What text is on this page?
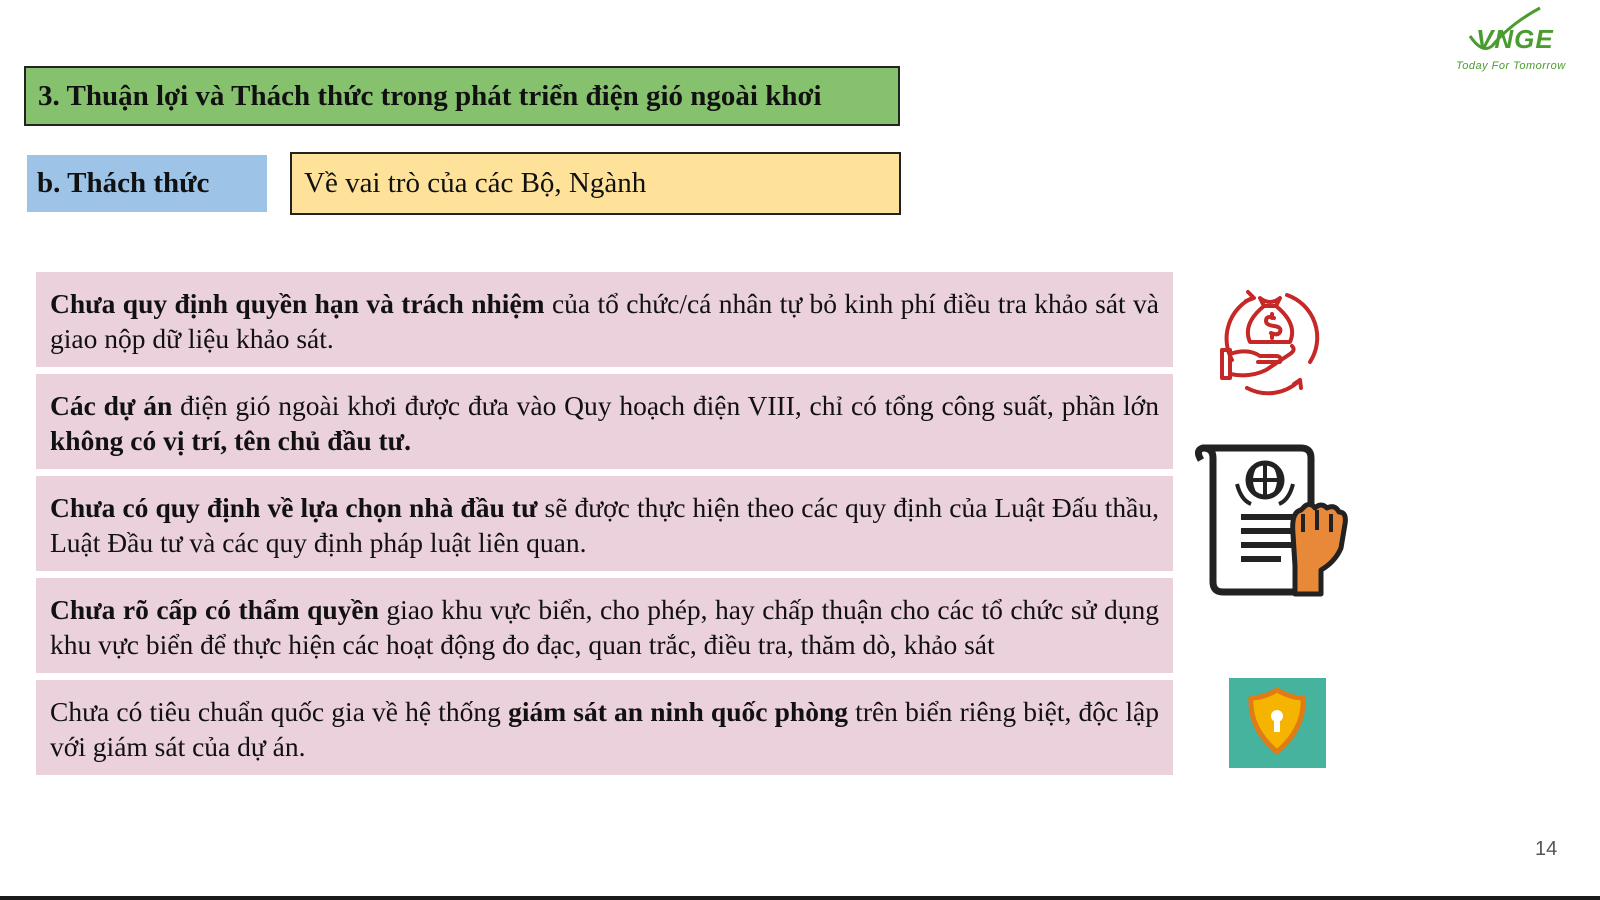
VNGE
Today For Tomorrow
3. Thuận lợi và Thách thức trong phát triển điện gió ngoài khơi
b. Thách thức	Về vai trò của các Bộ, Ngành
Chưa quy định quyền hạn và trách nhiệm của tổ chức/cá nhân tự bỏ kinh phí điều tra khảo sát và giao nộp dữ liệu khảo sát.
Các dự án điện gió ngoài khơi được đưa vào Quy hoạch điện VIII, chỉ có tổng công suất, phần lớn không có vị trí, tên chủ đầu tư.
Chưa có quy định về lựa chọn nhà đầu tư sẽ được thực hiện theo các quy định của Luật Đấu thầu, Luật Đầu tư và các quy định pháp luật liên quan.
Chưa rõ cấp có thẩm quyền giao khu vực biển, cho phép, hay chấp thuận cho các tổ chức sử dụng khu vực biển để thực hiện các hoạt động đo đạc, quan trắc, điều tra, thăm dò, khảo sát
Chưa có tiêu chuẩn quốc gia về hệ thống giám sát an ninh quốc phòng trên biển riêng biệt, độc lập với giám sát của dự án.
14
